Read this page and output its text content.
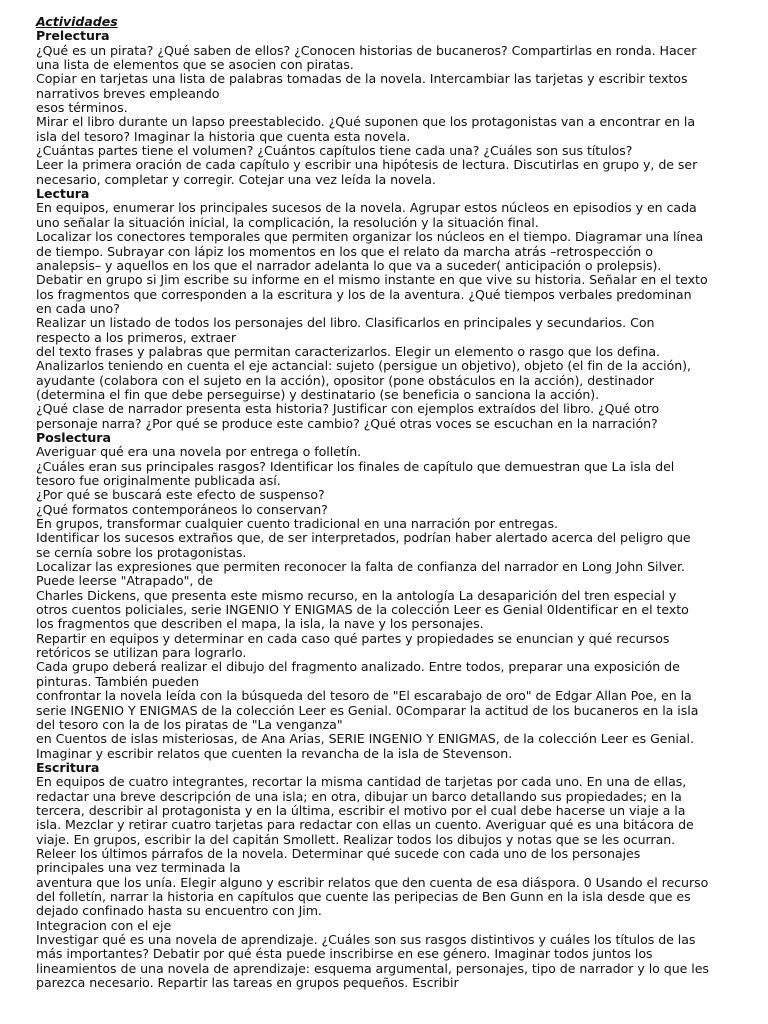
Actividades
Prelectura
¿Qué es un pirata? ¿Qué saben de ellos? ¿Conocen historias de bucaneros? Compartirlas en ronda. Hacer
una lista de elementos que se asocien con piratas.
Copiar en tarjetas una lista de palabras tomadas de la novela. Intercambiar las tarjetas y escribir textos
narrativos breves empleando
esos términos.
Mirar el libro durante un lapso preestablecido. ¿Qué suponen que los protagonistas van a encontrar en la
isla del tesoro? Imaginar la historia que cuenta esta novela.
¿Cuántas partes tiene el volumen? ¿Cuántos capítulos tiene cada una? ¿Cuáles son sus títulos?
Leer la primera oración de cada capítulo y escribir una hipótesis de lectura. Discutirlas en grupo y, de ser
necesario, completar y corregir. Cotejar una vez leída la novela.
Lectura
En equipos, enumerar los principales sucesos de la novela. Agrupar estos núcleos en episodios y en cada
uno señalar la situación inicial, la complicación, la resolución y la situación final.
Localizar los conectores temporales que permiten organizar los núcleos en el tiempo. Diagramar una línea
de tiempo. Subrayar con lápiz los momentos en los que el relato da marcha atrás –retrospección o
analepsis– y aquellos en los que el narrador adelanta lo que va a suceder( anticipación o prolepsis).
Debatir en grupo si Jim escribe su informe en el mismo instante en que vive su historia. Señalar en el texto
los fragmentos que corresponden a la escritura y los de la aventura. ¿Qué tiempos verbales predominan
en cada uno?
Realizar un listado de todos los personajes del libro. Clasificarlos en principales y secundarios. Con
respecto a los primeros, extraer
del texto frases y palabras que permitan caracterizarlos. Elegir un elemento o rasgo que los defina.
Analizarlos teniendo en cuenta el eje actancial: sujeto (persigue un objetivo), objeto (el fin de la acción),
ayudante (colabora con el sujeto en la acción), opositor (pone obstáculos en la acción), destinador
(determina el fin que debe perseguirse) y destinatario (se beneficia o sanciona la acción).
¿Qué clase de narrador presenta esta historia? Justificar con ejemplos extraídos del libro. ¿Qué otro
personaje narra? ¿Por qué se produce este cambio? ¿Qué otras voces se escuchan en la narración?
Poslectura
Averiguar qué era una novela por entrega o folletín.
¿Cuáles eran sus principales rasgos? Identificar los finales de capítulo que demuestran que La isla del
tesoro fue originalmente publicada así.
¿Por qué se buscará este efecto de suspenso?
¿Qué formatos contemporáneos lo conservan?
En grupos, transformar cualquier cuento tradicional en una narración por entregas.
Identificar los sucesos extraños que, de ser interpretados, podrían haber alertado acerca del peligro que
se cernía sobre los protagonistas.
Localizar las expresiones que permiten reconocer la falta de confianza del narrador en Long John Silver.
Puede leerse "Atrapado", de
Charles Dickens, que presenta este mismo recurso, en la antología La desaparición del tren especial y
otros cuentos policiales, serie INGENIO Y ENIGMAS de la colección Leer es Genial 0Identificar en el texto
los fragmentos que describen el mapa, la isla, la nave y los personajes.
Repartir en equipos y determinar en cada caso qué partes y propiedades se enuncian y qué recursos
retóricos se utilizan para lograrlo.
Cada grupo deberá realizar el dibujo del fragmento analizado. Entre todos, preparar una exposición de
pinturas. También pueden
confrontar la novela leída con la búsqueda del tesoro de "El escarabajo de oro" de Edgar Allan Poe, en la
serie INGENIO Y ENIGMAS de la colección Leer es Genial. 0Comparar la actitud de los bucaneros en la isla
del tesoro con la de los piratas de "La venganza"
en Cuentos de islas misteriosas, de Ana Arias, SERIE INGENIO Y ENIGMAS, de la colección Leer es Genial.
Imaginar y escribir relatos que cuenten la revancha de la isla de Stevenson.
Escritura
En equipos de cuatro integrantes, recortar la misma cantidad de tarjetas por cada uno. En una de ellas,
redactar una breve descripción de una isla; en otra, dibujar un barco detallando sus propiedades; en la
tercera, describir al protagonista y en la última, escribir el motivo por el cual debe hacerse un viaje a la
isla. Mezclar y retirar cuatro tarjetas para redactar con ellas un cuento. Averiguar qué es una bitácora de
viaje. En grupos, escribir la del capitán Smollett. Realizar todos los dibujos y notas que se les ocurran.
Releer los últimos párrafos de la novela. Determinar qué sucede con cada uno de los personajes
principales una vez terminada la
aventura que los unía. Elegir alguno y escribir relatos que den cuenta de esa diáspora. 0 Usando el recurso
del folletín, narrar la historia en capítulos que cuente las peripecias de Ben Gunn en la isla desde que es
dejado confinado hasta su encuentro con Jim.
Integracion con el eje
Investigar qué es una novela de aprendizaje. ¿Cuáles son sus rasgos distintivos y cuáles los títulos de las
más importantes? Debatir por qué ésta puede inscribirse en ese género. Imaginar todos juntos los
lineamientos de una novela de aprendizaje: esquema argumental, personajes, tipo de narrador y lo que les
parezca necesario. Repartir las tareas en grupos pequeños. Escribir
